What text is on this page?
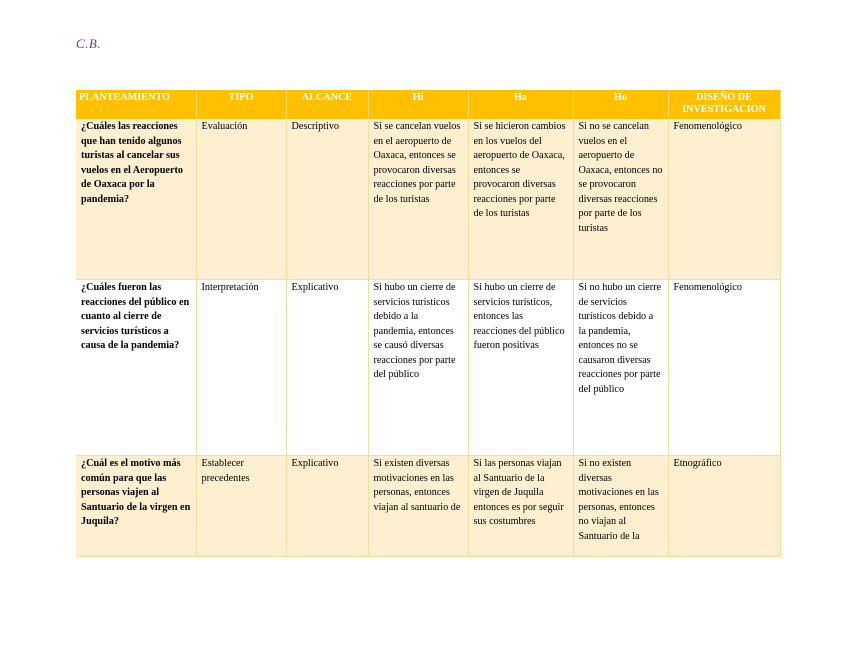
C.B.
PLANTEAMIENTO	TIPO	ALCANCE	Hi	Ha	Ho	DISEÑO DE INVESTIGACION
¿Cuáles las reacciones que han tenido algunos turistas al cancelar sus vuelos en el Aeropuerto de Oaxaca por la pandemia?	Evaluación	Descriptivo	Si se cancelan vuelos en el aeropuerto de Oaxaca, entonces se provocaron diversas reacciones por parte de los turistas	Si se hicieron cambios en los vuelos del aeropuerto de Oaxaca, entonces se provocaron diversas reacciones por parte de los turistas	Si no se cancelan vuelos en el aeropuerto de Oaxaca, entonces no se provocaron diversas reacciones por parte de los turistas	Fenomenológico
¿Cuáles fueron las reacciones del público en cuanto al cierre de servicios turísticos a causa de la pandemia?	Interpretación	Explicativo	Si hubo un cierre de servicios turísticos debido a la pandemia, entonces se causó diversas reacciones por parte del público	Si hubo un cierre de servicios turísticos, entonces las reacciones del público fueron positivas	Si no hubo un cierre de servicios turísticos debido a la pandemia, entonces no se causaron diversas reacciones por parte del público	Fenomenológico
¿Cuál es el motivo más común para que las personas viajen al Santuario de la virgen en Juquila?	Establecer precedentes	Explicativo	Si existen diversas motivaciones en las personas, entonces viajan al santuario de	Si las personas viajan al Santuario de la virgen de Juquila entonces es por seguir sus costumbres	Si no existen diversas motivaciones en las personas, entonces no viajan al Santuario de la	Etnográfico
